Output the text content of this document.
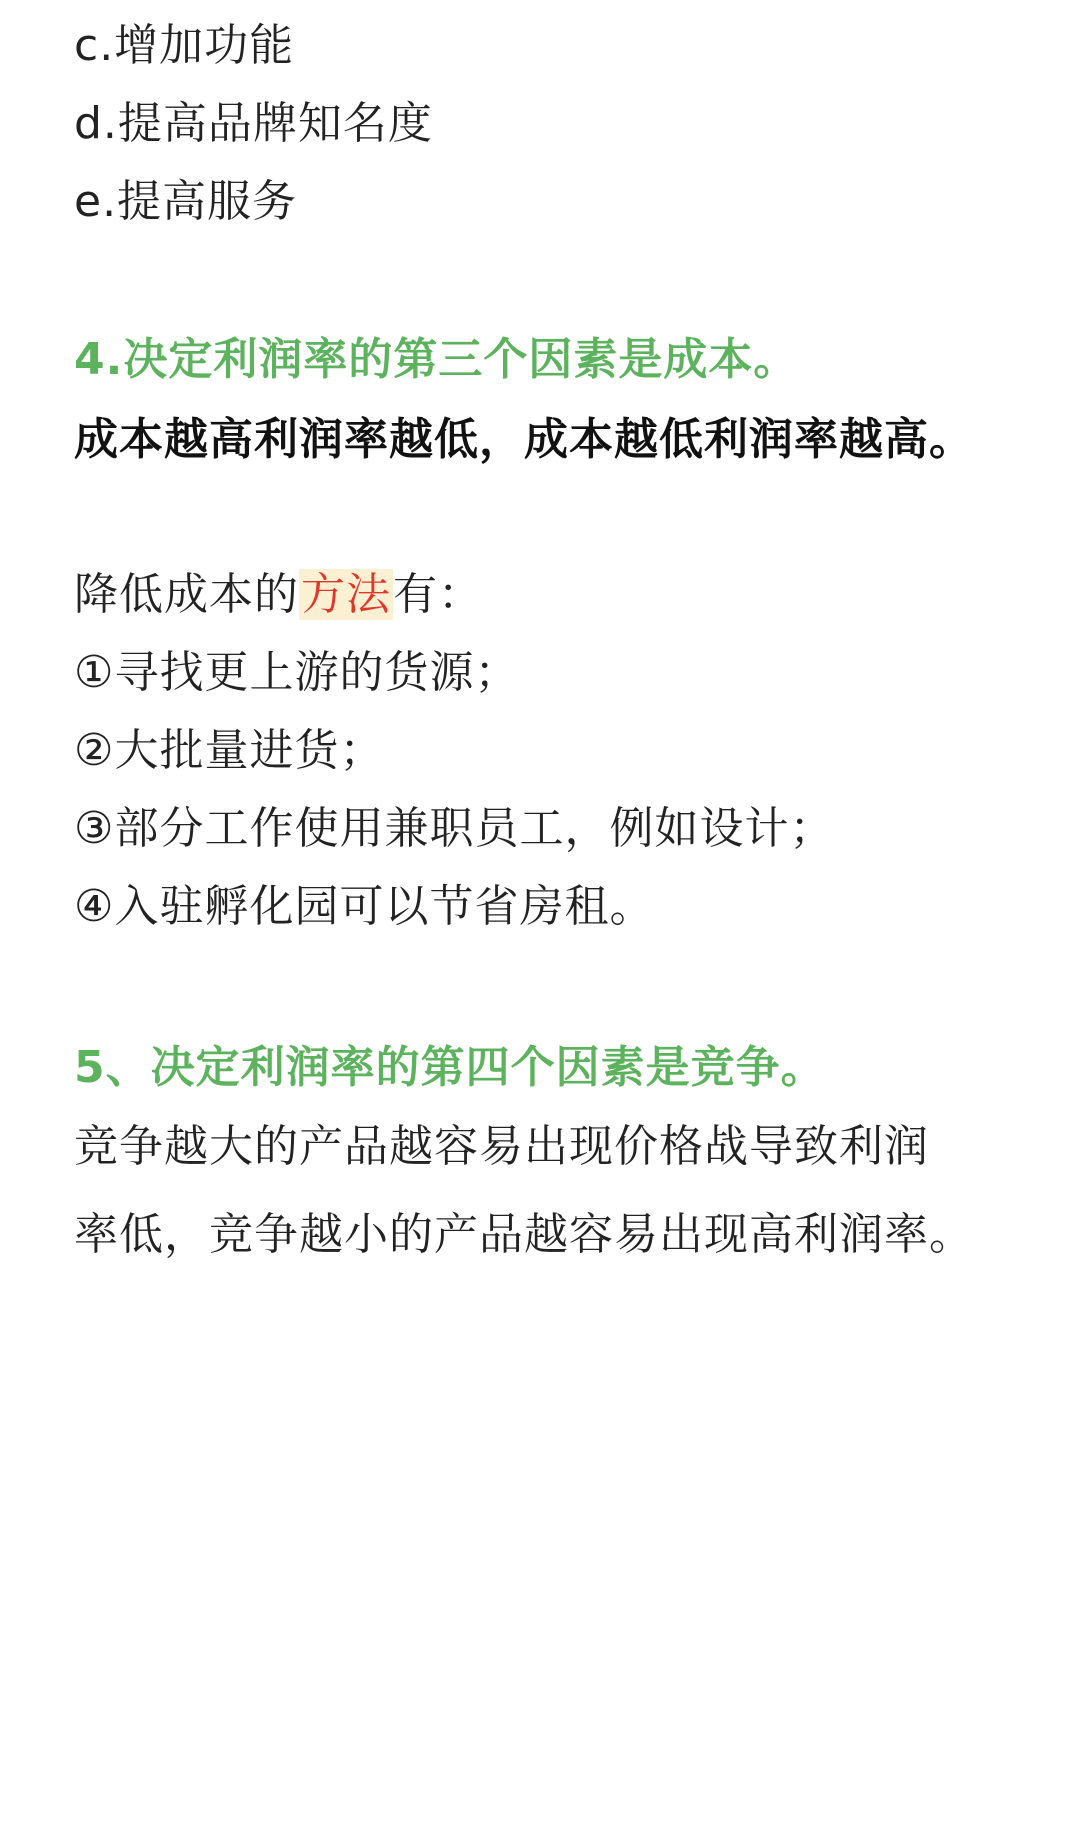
c.增加功能
d.提高品牌知名度
e.提高服务
4.决定利润率的第三个因素是成本。
成本越高利润率越低，成本越低利润率越高。
降低成本的方法有：
①寻找更上游的货源；
②大批量进货；
③部分工作使用兼职员工，例如设计；
④入驻孵化园可以节省房租。
5、决定利润率的第四个因素是竞争。
竞争越大的产品越容易出现价格战导致利润
率低，竞争越小的产品越容易出现高利润率。
